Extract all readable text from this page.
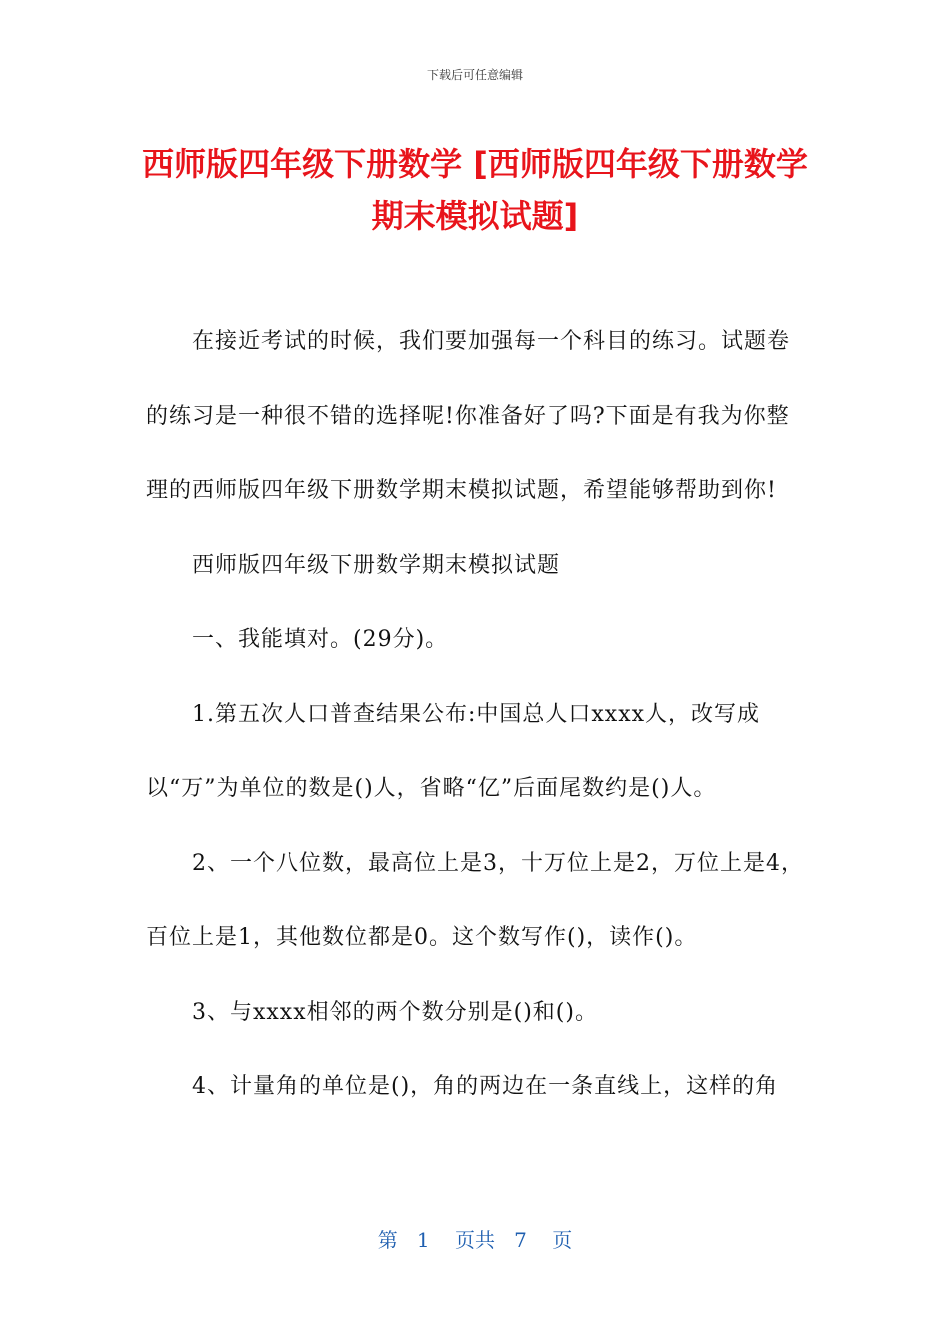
下载后可任意编辑
西师版四年级下册数学 [西师版四年级下册数学期末模拟试题]

在接近考试的时候，我们要加强每一个科目的练习。试题卷的练习是一种很不错的选择呢!你准备好了吗?下面是有我为你整理的西师版四年级下册数学期末模拟试题，希望能够帮助到你!

西师版四年级下册数学期末模拟试题

一、我能填对。(29分)。

1.第五次人口普查结果公布:中国总人口xxxx人，改写成以“万”为单位的数是()人，省略“亿”后面尾数约是()人。

2、一个八位数，最高位上是3，十万位上是2，万位上是4，百位上是1，其他数位都是0。这个数写作()，读作()。

3、与xxxx相邻的两个数分别是()和()。

4、计量角的单位是()，角的两边在一条直线上，这样的角

第 1 页共 7 页
